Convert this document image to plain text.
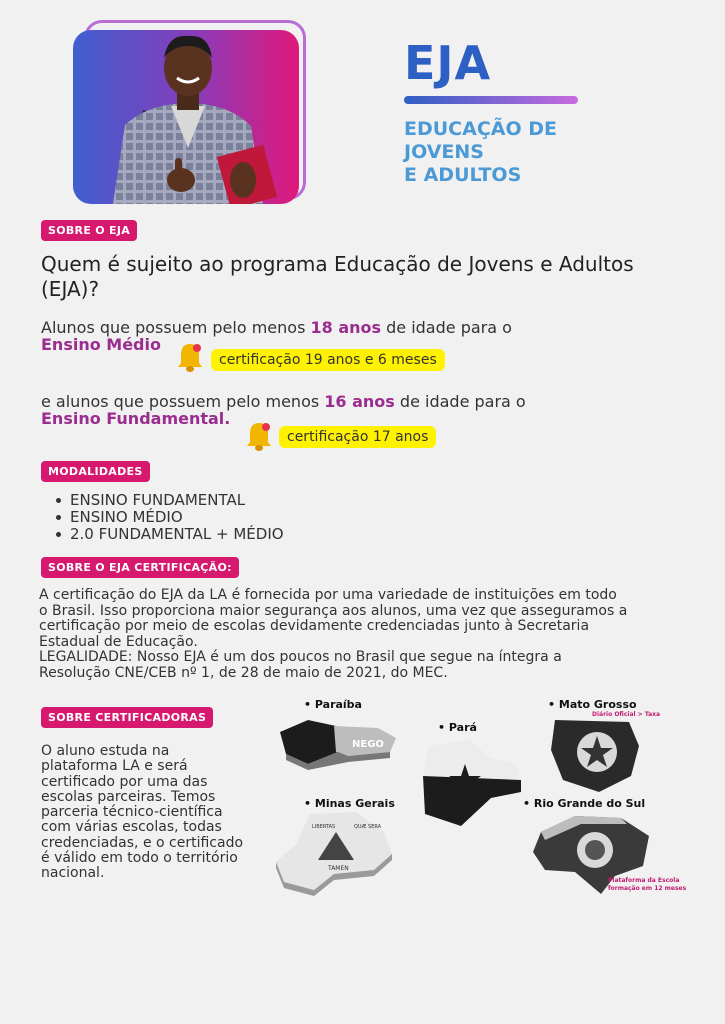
EJA
EDUCAÇÃO DE
JOVENS
E ADULTOS
SOBRE O EJA
Quem é sujeito ao programa Educação de Jovens e Adultos (EJA)?
Alunos que possuem pelo menos 18 anos de idade para o
Ensino Médio
certificação 19 anos e 6 meses
e alunos que possuem pelo menos 16 anos de idade para o
Ensino Fundamental.
certificação 17 anos
MODALIDADES
ENSINO FUNDAMENTAL
ENSINO MÉDIO
2.0 FUNDAMENTAL + MÉDIO
SOBRE O EJA CERTIFICAÇÃO:
A certificação do EJA da LA é fornecida por uma variedade de instituições em todo
o Brasil. Isso proporciona maior segurança aos alunos, uma vez que asseguramos a
certificação por meio de escolas devidamente credenciadas junto à Secretaria
Estadual de Educação.
LEGALIDADE: Nosso EJA é um dos poucos no Brasil que segue na íntegra a
Resolução CNE/CEB nº 1, de 28 de maio de 2021, do MEC.
SOBRE CERTIFICADORAS
O aluno estuda na
plataforma LA e será
certificado por uma das
escolas parceiras. Temos
parceria técnico-científica
com várias escolas, todas
credenciadas, e o certificado
é válido em todo o território
nacional.
• Paraíba
NEGO
• Pará
• Mato Grosso
Diário Oficial > Taxa
• Minas Gerais
LIBERTAS	QUÆ SERA
TAMEN
• Rio Grande do Sul
Plataforma da Escola
formação em 12 meses
